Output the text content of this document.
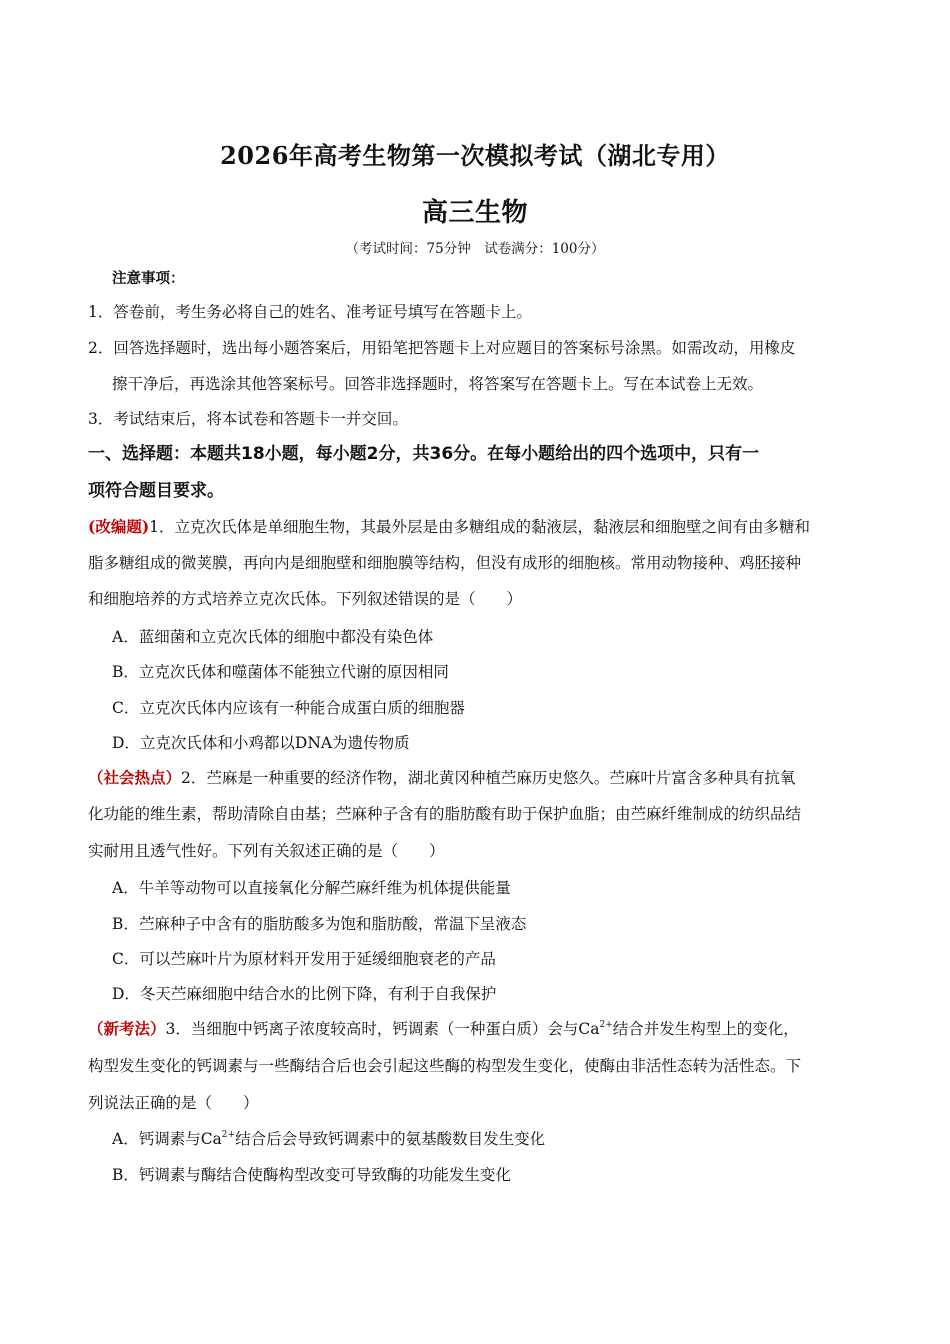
2026年高考生物第一次模拟考试（湖北专用）
高三生物
（考试时间：75分钟　试卷满分：100分）
注意事项：
1．答卷前，考生务必将自己的姓名、准考证号填写在答题卡上。
2．回答选择题时，选出每小题答案后，用铅笔把答题卡上对应题目的答案标号涂黑。如需改动，用橡皮
擦干净后，再选涂其他答案标号。回答非选择题时，将答案写在答题卡上。写在本试卷上无效。
3．考试结束后，将本试卷和答题卡一并交回。
一、选择题：本题共18小题，每小题2分，共36分。在每小题给出的四个选项中，只有一
项符合题目要求。
(改编题)1．立克次氏体是单细胞生物，其最外层是由多糖组成的黏液层，黏液层和细胞壁之间有由多糖和
脂多糖组成的微荚膜，再向内是细胞壁和细胞膜等结构，但没有成形的细胞核。常用动物接种、鸡胚接种
和细胞培养的方式培养立克次氏体。下列叙述错误的是（　　）
A．蓝细菌和立克次氏体的细胞中都没有染色体
B．立克次氏体和噬菌体不能独立代谢的原因相同
C．立克次氏体内应该有一种能合成蛋白质的细胞器
D．立克次氏体和小鸡都以DNA为遗传物质
（社会热点）2．苎麻是一种重要的经济作物，湖北黄冈种植苎麻历史悠久。苎麻叶片富含多种具有抗氧
化功能的维生素，帮助清除自由基；苎麻种子含有的脂肪酸有助于保护血脂；由苎麻纤维制成的纺织品结
实耐用且透气性好。下列有关叙述正确的是（　　）
A．牛羊等动物可以直接氧化分解苎麻纤维为机体提供能量
B．苎麻种子中含有的脂肪酸多为饱和脂肪酸，常温下呈液态
C．可以苎麻叶片为原材料开发用于延缓细胞衰老的产品
D．冬天苎麻细胞中结合水的比例下降，有利于自我保护
（新考法）3．当细胞中钙离子浓度较高时，钙调素（一种蛋白质）会与$Ca^{2+}$结合并发生构型上的变化，
构型发生变化的钙调素与一些酶结合后也会引起这些酶的构型发生变化，使酶由非活性态转为活性态。下
列说法正确的是（　　）
A．钙调素与$Ca^{2+}$结合后会导致钙调素中的氨基酸数目发生变化
B．钙调素与酶结合使酶构型改变可导致酶的功能发生变化
